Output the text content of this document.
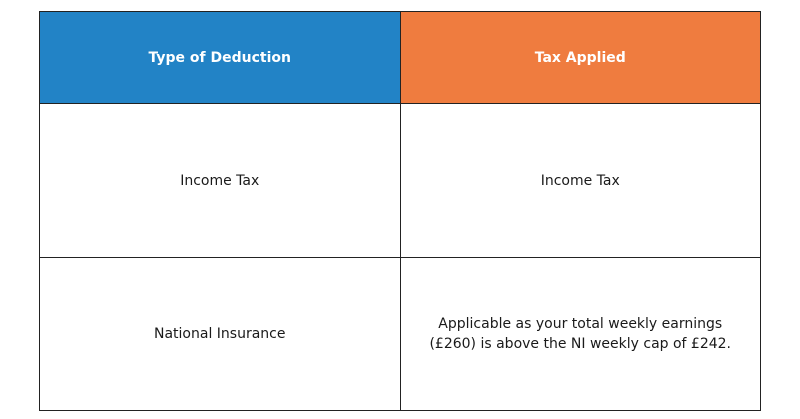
Type of Deduction	Tax Applied
Income Tax	Income Tax
National Insurance	Applicable as your total weekly earnings (£260) is above the NI weekly cap of £242.
